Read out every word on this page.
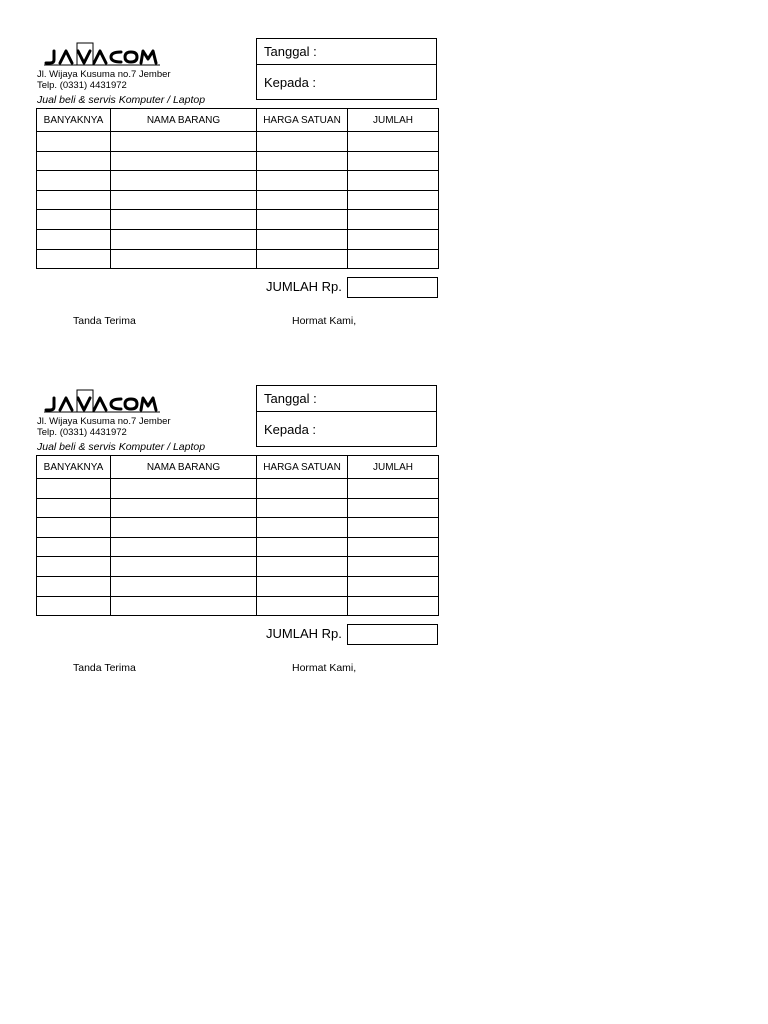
Jl. Wijaya Kusuma no.7 Jember
Telp. (0331) 4431972
Jual beli & servis Komputer / Laptop
Tanggal :
Kepada :
BANYAKNYA	NAMA BARANG	HARGA SATUAN	JUMLAH

JUMLAH Rp.
Tanda Terima	Hormat Kami,
Jl. Wijaya Kusuma no.7 Jember
Telp. (0331) 4431972
Jual beli & servis Komputer / Laptop
Tanggal :
Kepada :
BANYAKNYA	NAMA BARANG	HARGA SATUAN	JUMLAH

JUMLAH Rp.
Tanda Terima	Hormat Kami,
